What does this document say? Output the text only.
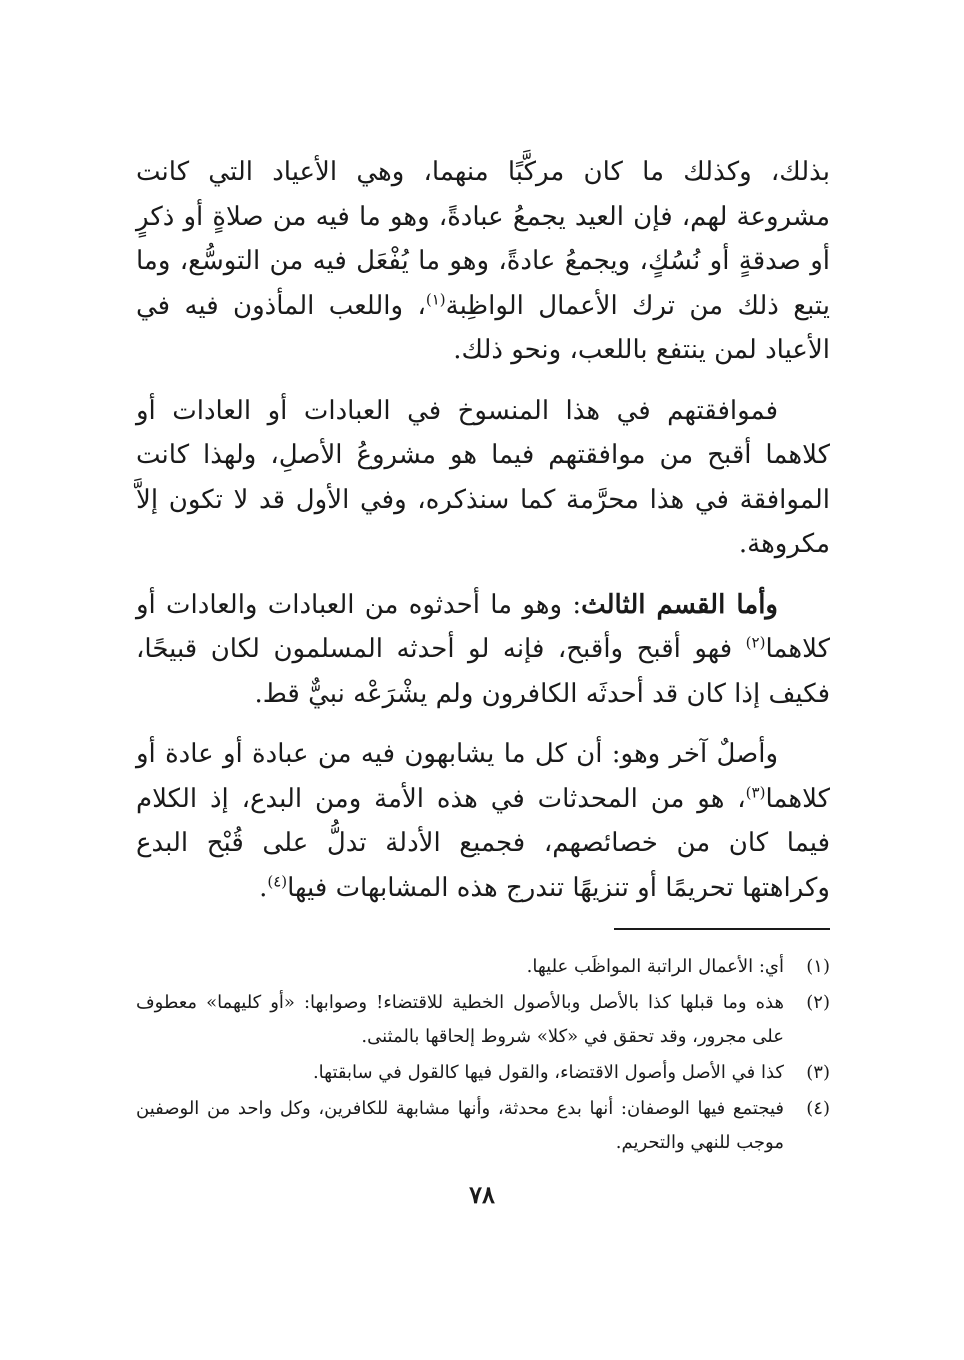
بذلك، وكذلك ما كان مركَّبًا منهما، وهي الأعياد التي كانت مشروعة لهم، فإن العيد يجمعُ عبادةً، وهو ما فيه من صلاةٍ أو ذكرٍ أو صدقةٍ أو نُسُكٍ، ويجمعُ عادةً، وهو ما يُفْعَل فيه من التوسُّع، وما يتبع ذلك من ترك الأعمال الواظِبة$^{(١)}$، واللعب المأذون فيه في الأعياد لمن ينتفع باللعب، ونحو ذلك.

فموافقتهم في هذا المنسوخ في العبادات أو العادات أو كلاهما أقبح من موافقتهم فيما هو مشروعُ الأصلِ، ولهذا كانت الموافقة في هذا محرَّمة كما سنذكره، وفي الأول قد لا تكون إلاَّ مكروهة.

وأما القسم الثالث: وهو ما أحدثوه من العبادات والعادات أو كلاهما$^{(٢)}$ فهو أقبح وأقبح، فإنه لو أحدثه المسلمون لكان قبيحًا، فكيف إذا كان قد أحدثَه الكافرون ولم يشْرَعْه نبيٌّ قط.

وأصلٌ آخر وهو: أن كل ما يشابهون فيه من عبادة أو عادة أو كلاهما$^{(٣)}$، هو من المحدثات في هذه الأمة ومن البدع، إذ الكلام فيما كان من خصائصهم، فجميع الأدلة تدلُّ على قُبْح البدع وكراهتها تحريمًا أو تنزيهًا تندرج هذه المشابهات فيها$^{(٤)}$.

(١)
أي: الأعمال الراتبة المواظَب عليها.
(٢)
هذه وما قبلها كذا بالأصل وبالأصول الخطية للاقتضاء! وصوابها: «أو كليهما» معطوف على مجرور، وقد تحقق في «كلا» شروط إلحاقها بالمثنى.
(٣)
كذا في الأصل وأصول الاقتضاء، والقول فيها كالقول في سابقتها.
(٤)
فيجتمع فيها الوصفان: أنها بدع محدثة، وأنها مشابهة للكافرين، وكل واحد من الوصفين موجب للنهي والتحريم.
٧٨
